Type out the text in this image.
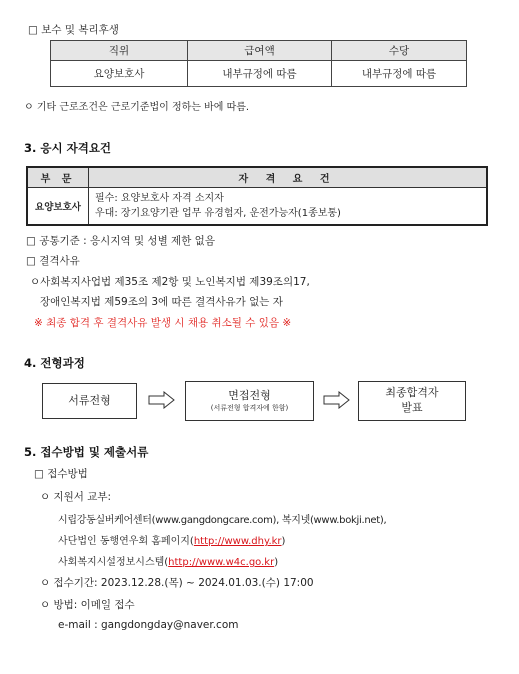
□ 보수 및 복리후생
직위	급여액	수당
요양보호사	내부규정에 따름	내부규정에 따름
ㅇ 기타 근로조건은 근로기준법이 정하는 바에 따름.
3. 응시 자격요건
부 문	자 격 요 건
요양보호사	필수: 요양보호사 자격 소지자
우대: 장기요양기관 업무 유경험자, 운전가능자(1종보통)
□ 공통기준 : 응시지역 및 성별 제한 없음
□ 결격사유
ㅇ사회복지사업법 제35조 제2항 및 노인복지법 제39조의17,
장애인복지법 제59조의 3에 따른 결격사유가 없는 자
※ 최종 합격 후 결격사유 발생 시 채용 취소될 수 있음 ※
4. 전형과정
서류전형	면접전형
(서류전형 합격자에 한함)
최종합격자
발표
5. 접수방법 및 제출서류
□ 접수방법
ㅇ 지원서 교부:
시립강동실버케어센터(www.gangdongcare.com), 복지넷(www.bokji.net),
사단법인 동행연우회 홈페이지(http://www.dhy.kr)
사회복지시설정보시스템(http://www.w4c.go.kr)
ㅇ 접수기간: 2023.12.28.(목) ~ 2024.01.03.(수) 17:00
ㅇ 방법: 이메일 접수
e-mail : gangdongday@naver.com
